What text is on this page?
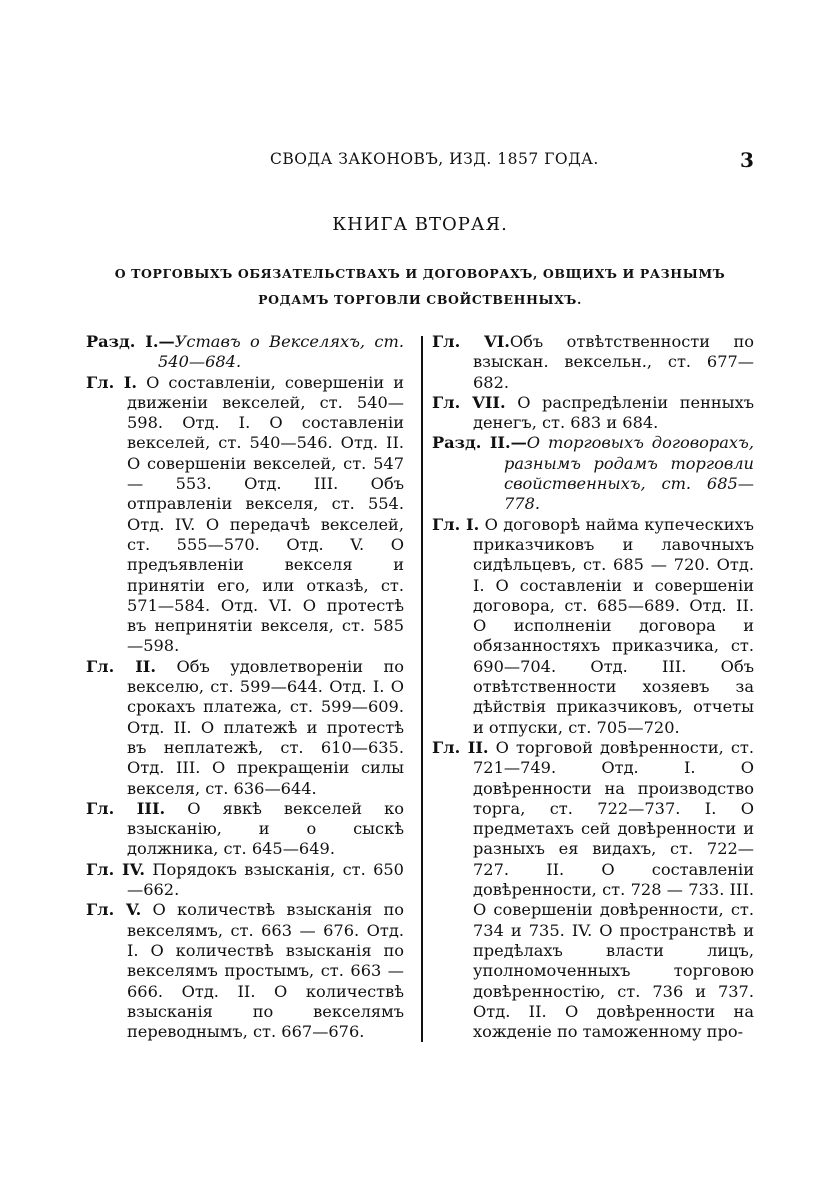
СВОДА ЗАКОНОВЪ, ИЗД. 1857 ГОДА.	3
КНИГА ВТОРАЯ.
О ТОРГОВЫХЪ ОБЯЗАТЕЛЬСТВАХЪ И ДОГОВОРАХЪ, ОВЩИХЪ И РАЗНЫМЪ РОДАМЪ ТОРГОВЛИ СВОЙСТВЕННЫХЪ.
Разд. I.—Уставъ о Векселяхъ, ст. 540—684.
Гл. I. О составленіи, совершеніи и движеніи векселей, ст. 540—598. Отд. I. О составленіи векселей, ст. 540—546. Отд. II. О совершеніи векселей, ст. 547 — 553. Отд. III. Объ отправленіи векселя, ст. 554. Отд. IV. О передачѣ векселей, ст. 555—570. Отд. V. О предъявленіи векселя и принятіи его, или отказѣ, ст. 571—584. Отд. VI. О протестѣ въ непринятіи векселя, ст. 585—598.
Гл. II. Объ удовлетвореніи по векселю, ст. 599—644. Отд. I. О срокахъ платежа, ст. 599—609. Отд. II. О платежѣ и протестѣ въ неплатежѣ, ст. 610—635. Отд. III. О прекращеніи силы векселя, ст. 636—644.
Гл. III. О явкѣ векселей ко взысканію, и о сыскѣ должника, ст. 645—649.
Гл. IV. Порядокъ взысканія, ст. 650—662.
Гл. V. О количествѣ взысканія по векселямъ, ст. 663 — 676. Отд. I. О количествѣ взысканія по векселямъ простымъ, ст. 663 — 666. Отд. II. О количествѣ взысканія по векселямъ переводнымъ, ст. 667—676.
Гл. VI.Объ отвѣтственности по взыскан. вексельн., ст. 677—682.
Гл. VII. О распредѣленіи пенныхъ денегъ, ст. 683 и 684.
Разд. II.—О торговыхъ договорахъ, разнымъ родамъ торговли свойственныхъ, ст. 685—778.
Гл. I. О договорѣ найма купеческихъ приказчиковъ и лавочныхъ сидѣльцевъ, ст. 685 — 720. Отд. I. О составленіи и совершеніи договора, ст. 685—689. Отд. II. О исполненіи договора и обязанностяхъ приказчика, ст. 690—704. Отд. III. Объ отвѣтственности хозяевъ за дѣйствія приказчиковъ, отчеты и отпуски, ст. 705—720.
Гл. II. О торговой довѣренности, ст. 721—749. Отд. I. О довѣренности на производство торга, ст. 722—737. I. О предметахъ сей довѣренности и разныхъ ея видахъ, ст. 722—727. II. О составленіи довѣренности, ст. 728 — 733. III. О совершеніи довѣренности, ст. 734 и 735. IV. О пространствѣ и предѣлахъ власти лицъ, уполномоченныхъ торговою довѣренностію, ст. 736 и 737. Отд. II. О довѣренности на хожденіе по таможенному про-
